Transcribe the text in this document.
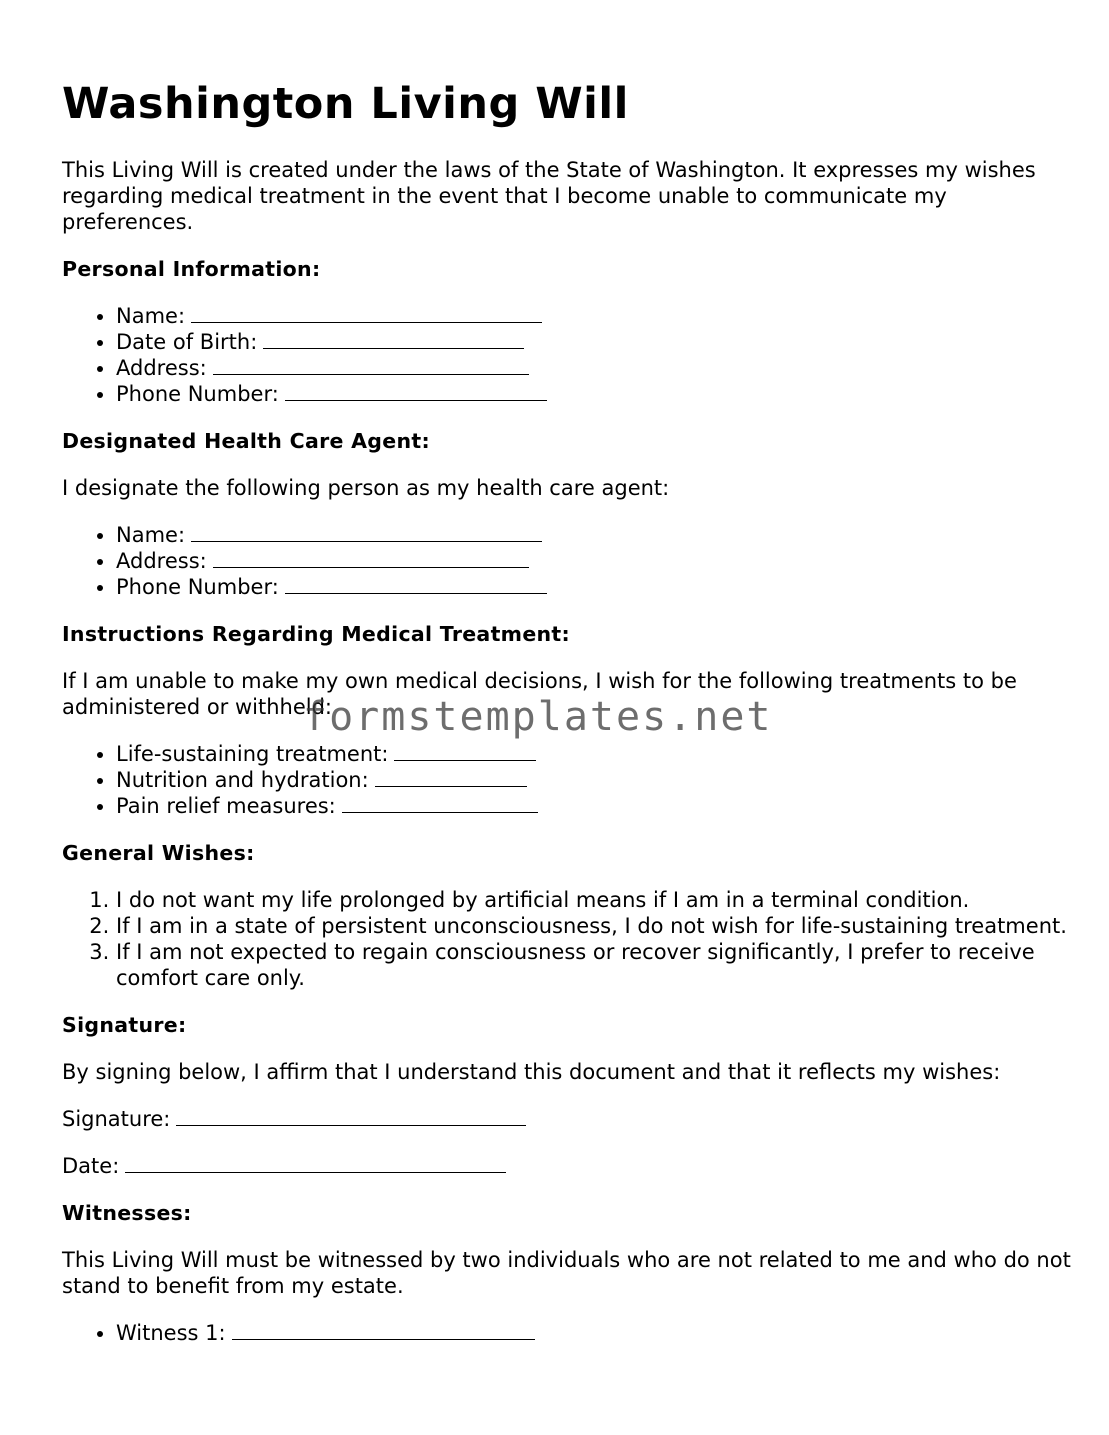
Washington Living Will

This Living Will is created under the laws of the State of Washington. It expresses my wishes regarding medical treatment in the event that I become unable to communicate my preferences.

Personal Information:
• Name:
• Date of Birth:
• Address:
• Phone Number:
Designated Health Care Agent:

I designate the following person as my health care agent:

• Name:
• Address:
• Phone Number:
Instructions Regarding Medical Treatment:

If I am unable to make my own medical decisions, I wish for the following treatments to be administered or withheld:

• Life-sustaining treatment:
• Nutrition and hydration:
• Pain relief measures:
General Wishes:
1. I do not want my life prolonged by artificial means if I am in a terminal condition.
2. If I am in a state of persistent unconsciousness, I do not wish for life-sustaining treatment.
3. If I am not expected to regain consciousness or recover significantly, I prefer to receive comfort care only.
Signature:

By signing below, I affirm that I understand this document and that it reflects my wishes:

Signature:
Date:
Witnesses:

This Living Will must be witnessed by two individuals who are not related to me and who do not stand to benefit from my estate.

• Witness 1:
formstemplates.net
